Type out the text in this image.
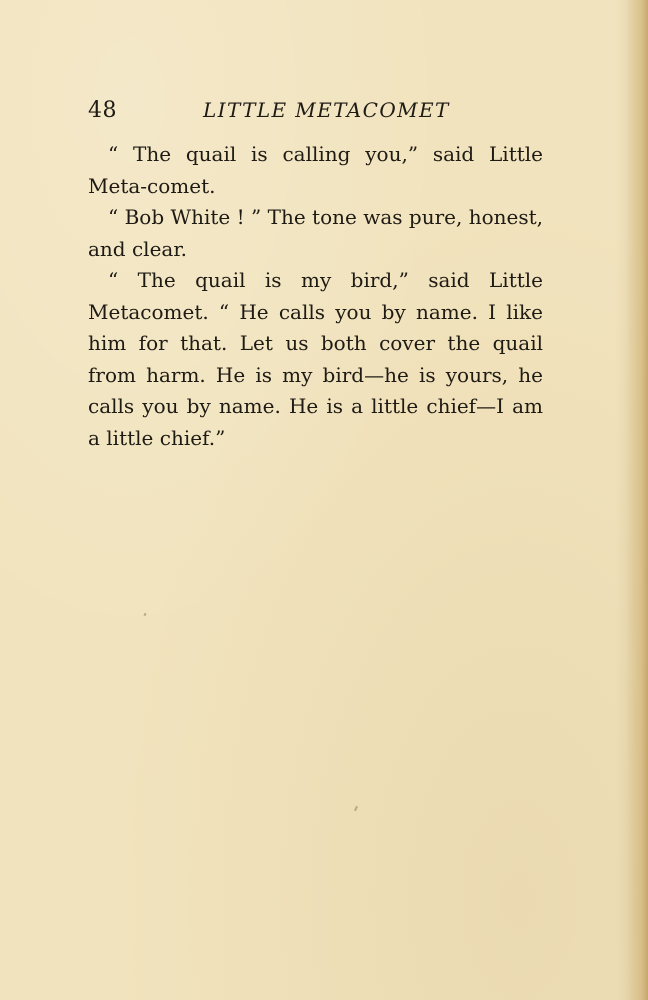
48	LITTLE METACOMET

“ The quail is calling you,” said Little Meta-comet.

“ Bob White ! ” The tone was pure, honest, and clear.

“ The quail is my bird,” said Little Metacomet. “ He calls you by name. I like him for that. Let us both cover the quail from harm. He is my bird—he is yours, he calls you by name. He is a little chief—I am a little chief.”
